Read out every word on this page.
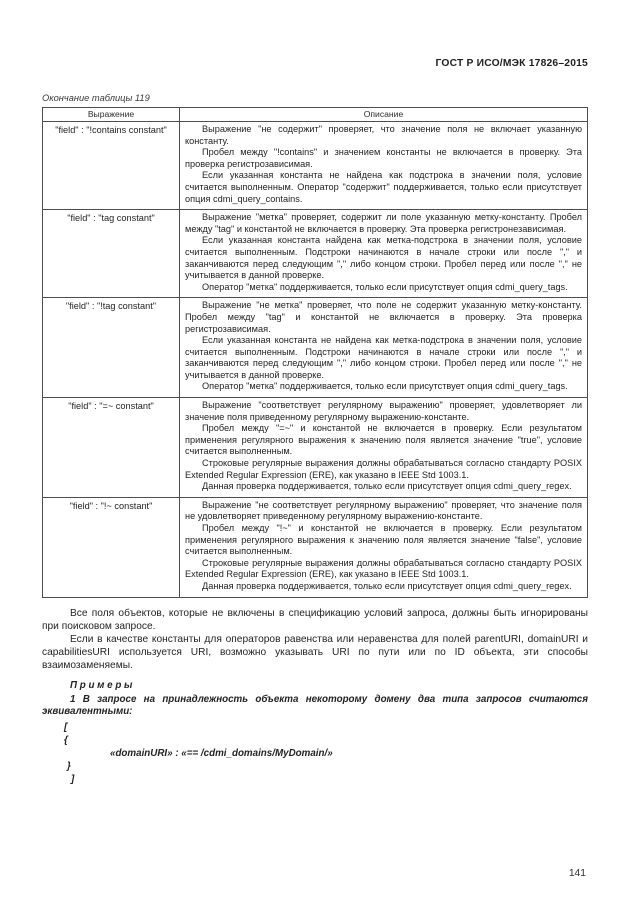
ГОСТ Р ИСО/МЭК 17826–2015
Окончание таблицы 119
Выражение	Описание
"field" : "!contains constant"	Выражение "не содержит" проверяет, что значение поля не включает указанную константу.

Пробел между "!contains" и значением константы не включается в проверку. Эта проверка регистрозависимая.

Если указанная константа не найдена как подстрока в значении поля, условие считается выполненным. Оператор "содержит" поддерживается, только если присутствует опция cdmi_query_contains.

"field" : "tag constant"	Выражение "метка" проверяет, содержит ли поле указанную метку-константу. Пробел между "tag" и константой не включается в проверку. Эта проверка регистронезависимая.

Если указанная константа найдена как метка-подстрока в значении поля, условие считается выполненным. Подстроки начинаются в начале строки или после "," и заканчиваются перед следующим "," либо концом строки. Пробел перед или после "," не учитывается в данной проверке.

Оператор "метка" поддерживается, только если присутствует опция cdmi_query_tags.

"field" : "!tag constant"	Выражение "не метка" проверяет, что поле не содержит указанную метку-константу. Пробел между "tag" и константой не включается в проверку. Эта проверка регистрозависимая.

Если указанная константа не найдена как метка-подстрока в значении поля, условие считается выполненным. Подстроки начинаются в начале строки или после "," и заканчиваются перед следующим "," либо концом строки. Пробел перед или после "," не учитывается в данной проверке.

Оператор "метка" поддерживается, только если присутствует опция cdmi_query_tags.

"field" : "=~ constant"	Выражение "соответствует регулярному выражению" проверяет, удовлетворяет ли значение поля приведенному регулярному выражению-константе.

Пробел между "=~" и константой не включается в проверку. Если результатом применения регулярного выражения к значению поля является значение "true", условие считается выполненным.

Строковые регулярные выражения должны обрабатываться согласно стандарту POSIX Extended Regular Expression (ERE), как указано в IEEE Std 1003.1.

Данная проверка поддерживается, только если присутствует опция cdmi_query_regex.

"field" : "!~ constant"	Выражение "не соответствует регулярному выражению" проверяет, что значение поля не удовлетворяет приведенному регулярному выражению-константе.

Пробел между "!~" и константой не включается в проверку. Если результатом применения регулярного выражения к значению поля является значение "false", условие считается выполненным.

Строковые регулярные выражения должны обрабатываться согласно стандарту POSIX Extended Regular Expression (ERE), как указано в IEEE Std 1003.1.

Данная проверка поддерживается, только если присутствует опция cdmi_query_regex.

Все поля объектов, которые не включены в спецификацию условий запроса, должны быть игнорированы при поисковом запросе.

Если в качестве константы для операторов равенства или неравенства для полей parentURI, domainURI и capabilitiesURI используется URI, возможно указывать URI по пути или по ID объекта, эти способы взаимозаменяемы.

П р и м е р ы

1 В запросе на принадлежность объекта некоторому домену два типа запросов считаются эквивалентными:

[
{
«domainURI» : «== /cdmi_domains/MyDomain/»
}
]
141
